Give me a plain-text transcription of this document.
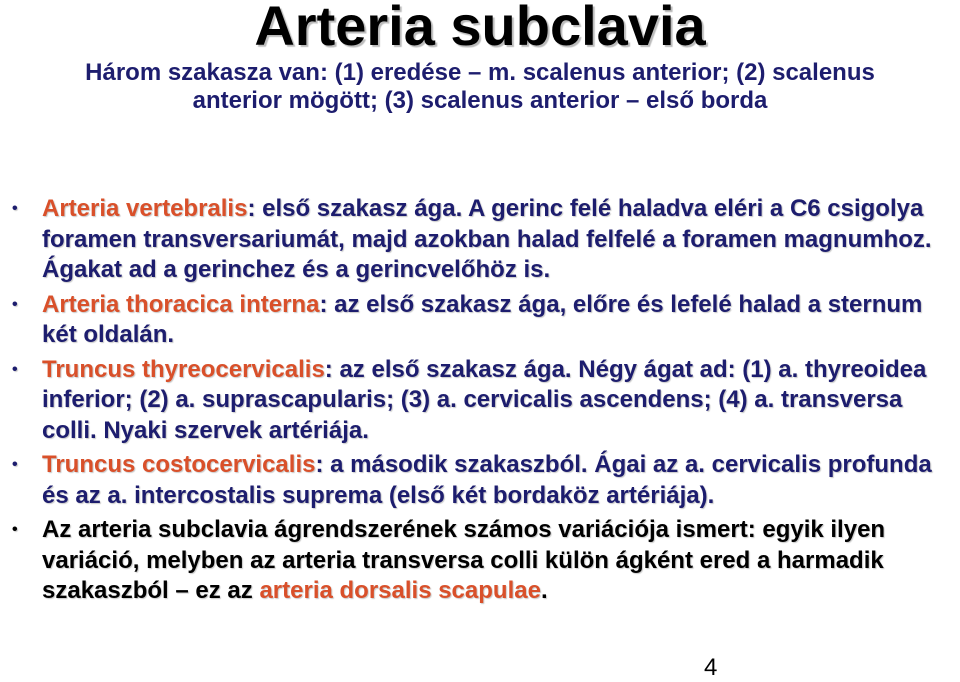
Arteria subclavia
Három szakasza van: (1) eredése – m. scalenus anterior; (2) scalenus anterior mögött; (3) scalenus anterior – első borda
• Arteria vertebralis: első szakasz ága. A gerinc felé haladva eléri a C6 csigolya foramen transversariumát, majd azokban halad felfelé a foramen magnumhoz. Ágakat ad a gerinchez és a gerincvelőhöz is.
• Arteria thoracica interna: az első szakasz ága, előre és lefelé halad a sternum két oldalán.
• Truncus thyreocervicalis: az első szakasz ága. Négy ágat ad: (1) a. thyreoidea inferior; (2) a. suprascapularis; (3) a. cervicalis ascendens; (4) a. transversa colli. Nyaki szervek artériája.
• Truncus costocervicalis: a második szakaszból. Ágai az a. cervicalis profunda és az a. intercostalis suprema (első két bordaköz artériája).
• Az arteria subclavia ágrendszerének számos variációja ismert: egyik ilyen variáció, melyben az arteria transversa colli külön ágként ered a harmadik szakaszból – ez az arteria dorsalis scapulae.
4
